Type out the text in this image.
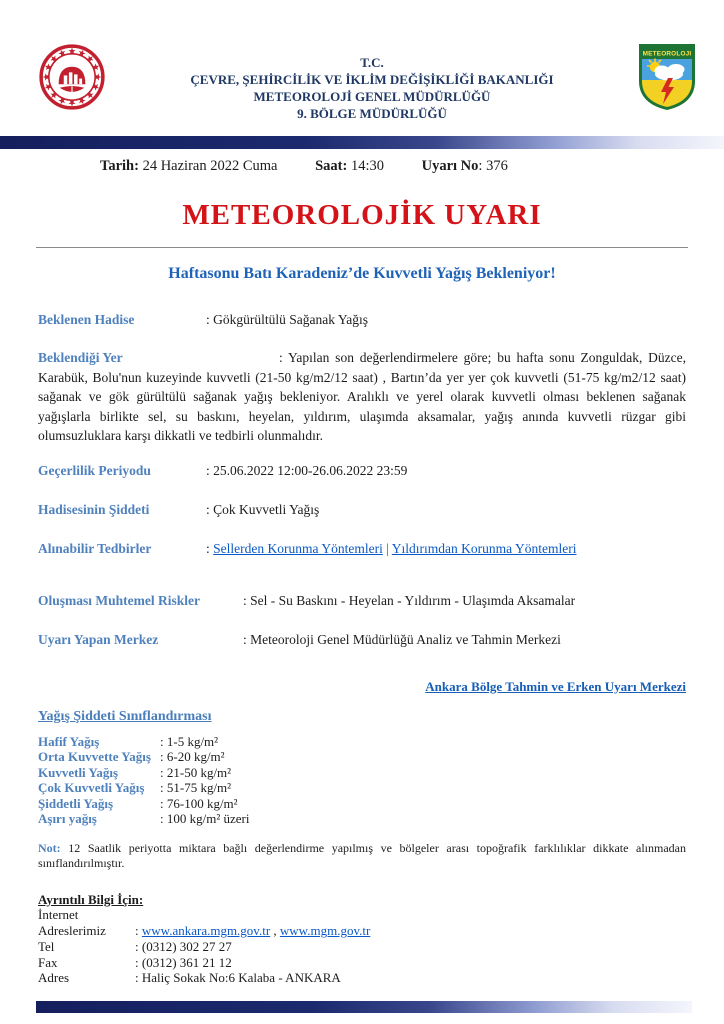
T.C.
ÇEVRE, ŞEHİRCİLİK VE İKLİM DEĞİŞİKLİĞİ BAKANLIĞI
METEOROLOJİ GENEL MÜDÜRLÜĞÜ
9. BÖLGE MÜDÜRLÜĞÜ
METEOROLOJI
Tarih: 24 Haziran 2022 Cuma	Saat: 14:30	Uyarı No: 376
METEOROLOJİK UYARI
Haftasonu Batı Karadeniz’de Kuvvetli Yağış Bekleniyor!
Beklenen Hadise	: Gökgürültülü Sağanak Yağış
Beklendiği Yer	: Yapılan son değerlendirmelere göre; bu hafta sonu Zonguldak, Düzce, Karabük, Bolu'nun kuzeyinde kuvvetli (21-50 kg/m2/12 saat) , Bartın’da yer yer çok kuvvetli (51-75 kg/m2/12 saat) sağanak ve gök gürültülü sağanak yağış bekleniyor. Aralıklı ve yerel olarak kuvvetli olması beklenen sağanak yağışlarla birlikte sel, su baskını, heyelan, yıldırım, ulaşımda aksamalar, yağış anında kuvvetli rüzgar gibi olumsuzluklara karşı dikkatli ve tedbirli olunmalıdır.
Geçerlilik Periyodu	: 25.06.2022 12:00-26.06.2022 23:59
Hadisesinin Şiddeti	: Çok Kuvvetli Yağış
Alınabilir Tedbirler	: Sellerden Korunma Yöntemleri | Yıldırımdan Korunma Yöntemleri
Oluşması Muhtemel Riskler	: Sel - Su Baskını - Heyelan - Yıldırım - Ulaşımda Aksamalar
Uyarı Yapan Merkez	: Meteoroloji Genel Müdürlüğü Analiz ve Tahmin Merkezi
Ankara Bölge Tahmin ve Erken Uyarı Merkezi
Yağış Şiddeti Sınıflandırması
Hafif Yağış	: 1-5 kg/m²
Orta Kuvvette Yağış : 6-20 kg/m²
Kuvvetli Yağış	: 21-50 kg/m²
Çok Kuvvetli Yağış : 51-75 kg/m²
Şiddetli Yağış	: 76-100 kg/m²
Aşırı yağış	: 100 kg/m² üzeri
Not: 12 Saatlik periyotta miktara bağlı değerlendirme yapılmış ve bölgeler arası topoğrafik farklılıklar dikkate alınmadan sınıflandırılmıştır.
Ayrıntılı Bilgi İçin:
İnternet Adreslerimiz : www.ankara.mgm.gov.tr , www.mgm.gov.tr
Tel	: (0312) 302 27 27
Fax	: (0312) 361 21 12
Adres	: Haliç Sokak No:6 Kalaba - ANKARA
